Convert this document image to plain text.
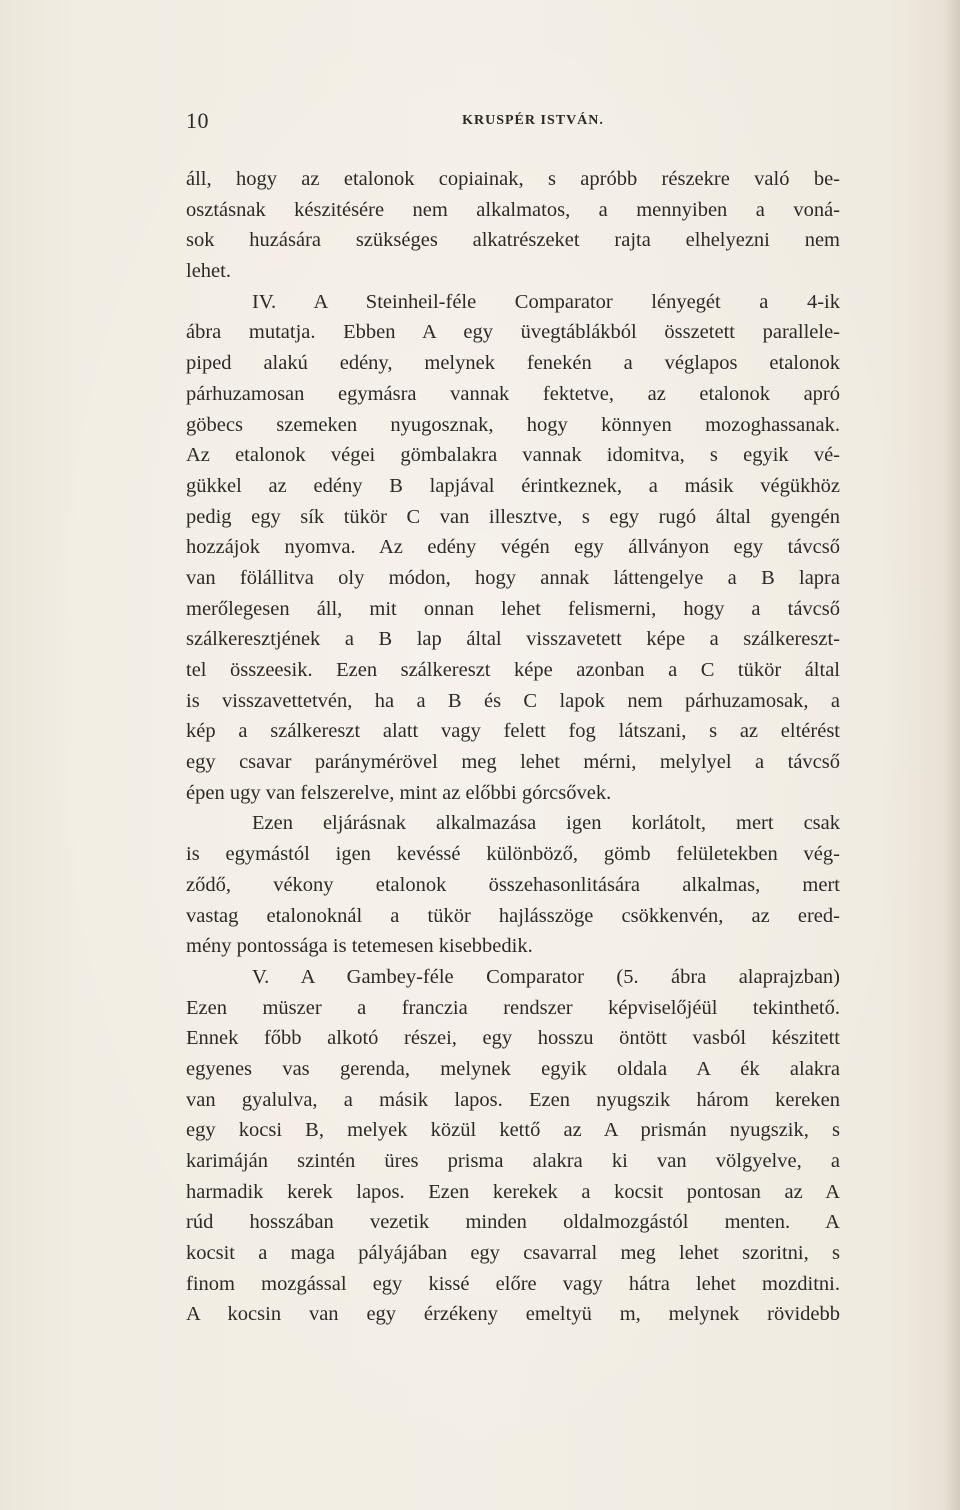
10	KRUSPÉR ISTVÁN.
áll, hogy az etalonok copiainak, s apróbb részekre való be-
osztásnak készitésére nem alkalmatos, a mennyiben a voná-
sok huzására szükséges alkatrészeket rajta elhelyezni nem
lehet.
IV. A Steinheil-féle Comparator lényegét a 4-ik
ábra mutatja. Ebben A egy üvegtáblákból összetett parallele-
piped alakú edény, melynek fenekén a véglapos etalonok
párhuzamosan egymásra vannak fektetve, az etalonok apró
göbecs szemeken nyugosznak, hogy könnyen mozoghassanak.
Az etalonok végei gömbalakra vannak idomitva, s egyik vé-
gükkel az edény B lapjával érintkeznek, a másik végükhöz
pedig egy sík tükör C van illesztve, s egy rugó által gyengén
hozzájok nyomva. Az edény végén egy állványon egy távcső
van fölállitva oly módon, hogy annak láttengelye a B lapra
merőlegesen áll, mit onnan lehet felismerni, hogy a távcső
szálkeresztjének a B lap által visszavetett képe a szálkereszt-
tel összeesik. Ezen szálkereszt képe azonban a C tükör által
is visszavettetvén, ha a B és C lapok nem párhuzamosak, a
kép a szálkereszt alatt vagy felett fog látszani, s az eltérést
egy csavar paránymérövel meg lehet mérni, melylyel a távcső
épen ugy van felszerelve, mint az előbbi górcsővek.
Ezen eljárásnak alkalmazása igen korlátolt, mert csak
is egymástól igen kevéssé különböző, gömb felületekben vég-
ződő, vékony etalonok összehasonlitására alkalmas, mert
vastag etalonoknál a tükör hajlásszöge csökkenvén, az ered-
mény pontossága is tetemesen kisebbedik.
V. A Gambey-féle Comparator (5. ábra alaprajzban)
Ezen müszer a franczia rendszer képviselőjéül tekinthető.
Ennek főbb alkotó részei, egy hosszu öntött vasból készitett
egyenes vas gerenda, melynek egyik oldala A ék alakra
van gyalulva, a másik lapos. Ezen nyugszik három kereken
egy kocsi B, melyek közül kettő az A prismán nyugszik, s
karimáján szintén üres prisma alakra ki van völgyelve, a
harmadik kerek lapos. Ezen kerekek a kocsit pontosan az A
rúd hosszában vezetik minden oldalmozgástól menten. A
kocsit a maga pályájában egy csavarral meg lehet szoritni, s
finom mozgással egy kissé előre vagy hátra lehet mozditni.
A kocsin van egy érzékeny emeltyü m, melynek rövidebb
